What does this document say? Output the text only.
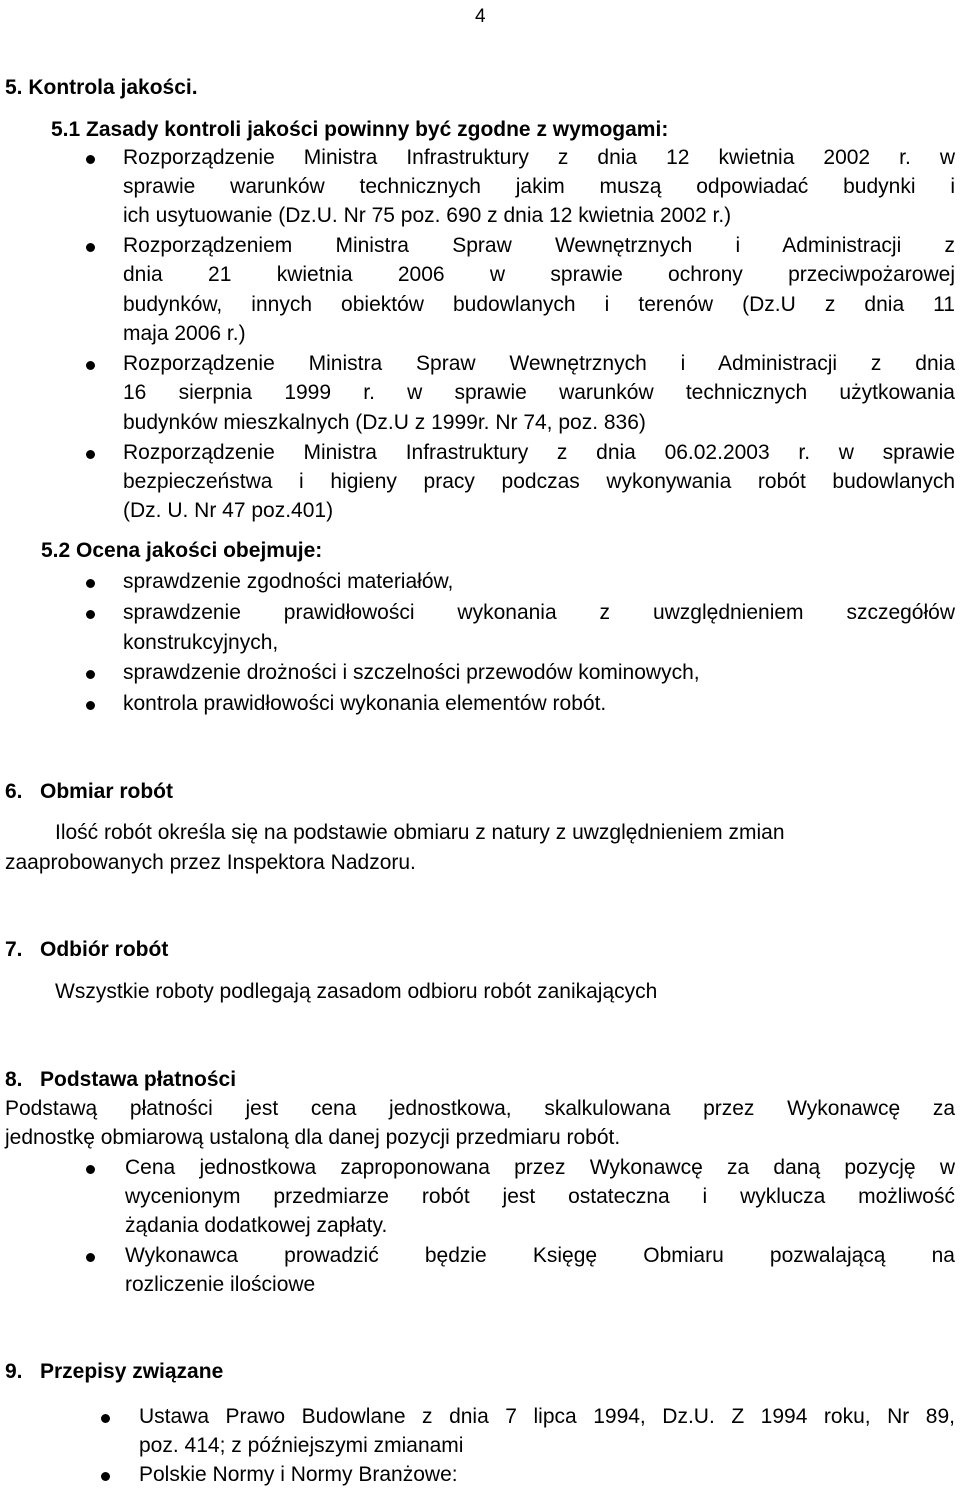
4
5. Kontrola jakości.
5.1 Zasady kontroli jakości powinny być zgodne z wymogami:
Rozporządzenie Ministra Infrastruktury z dnia 12 kwietnia 2002 r. w
sprawie warunków technicznych jakim muszą odpowiadać budynki i
ich usytuowanie (Dz.U. Nr 75 poz. 690 z dnia 12 kwietnia 2002 r.)
Rozporządzeniem Ministra Spraw Wewnętrznych i Administracji z
dnia 21 kwietnia 2006 w sprawie ochrony przeciwpożarowej
budynków, innych obiektów budowlanych i terenów (Dz.U z dnia 11
maja 2006 r.)
Rozporządzenie Ministra Spraw Wewnętrznych i Administracji z dnia
16 sierpnia 1999 r. w sprawie warunków technicznych użytkowania
budynków mieszkalnych (Dz.U z 1999r. Nr 74, poz. 836)
Rozporządzenie Ministra Infrastruktury z dnia 06.02.2003 r. w sprawie
bezpieczeństwa i higieny pracy podczas wykonywania robót budowlanych
(Dz. U. Nr 47 poz.401)
5.2 Ocena jakości obejmuje:
sprawdzenie zgodności materiałów,
sprawdzenie prawidłowości wykonania z uwzględnieniem szczegółów
konstrukcyjnych,
sprawdzenie drożności i szczelności przewodów kominowych,
kontrola prawidłowości wykonania elementów robót.
6. Obmiar robót
Ilość robót określa się na podstawie obmiaru z natury z uwzględnieniem zmian
zaaprobowanych przez Inspektora Nadzoru.
7. Odbiór robót
Wszystkie roboty podlegają zasadom odbioru robót zanikających
8. Podstawa płatności
Podstawą płatności jest cena jednostkowa, skalkulowana przez Wykonawcę za
jednostkę obmiarową ustaloną dla danej pozycji przedmiaru robót.
Cena jednostkowa zaproponowana przez Wykonawcę za daną pozycję w
wycenionym przedmiarze robót jest ostateczna i wyklucza możliwość
żądania dodatkowej zapłaty.
Wykonawca prowadzić będzie Księgę Obmiaru pozwalającą na
rozliczenie ilościowe
9. Przepisy związane
Ustawa Prawo Budowlane z dnia 7 lipca 1994, Dz.U. Z 1994 roku, Nr 89,
poz. 414; z późniejszymi zmianami
Polskie Normy i Normy Branżowe:
